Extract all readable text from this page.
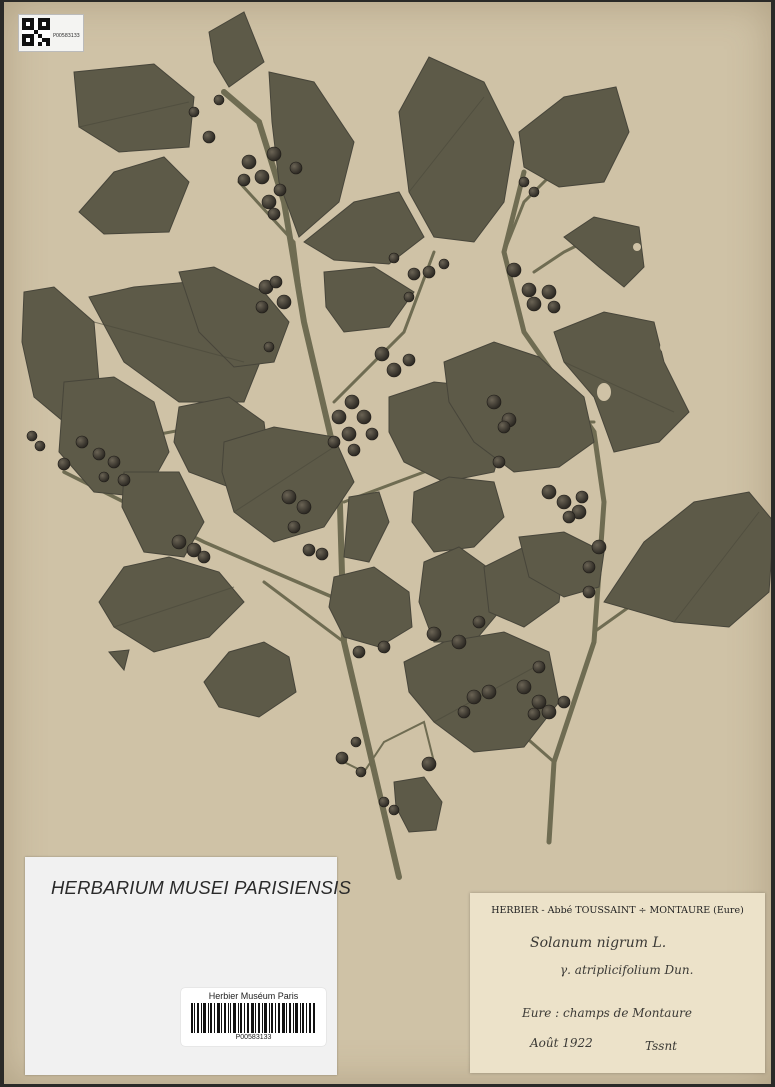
P00583133
HERBARIUM MUSEI PARISIENSIS
Herbier Muséum Paris
P00583133
HERBIER - Abbé TOUSSAINT ÷ MONTAURE (Eure)
Solanum nigrum L.
γ. atriplicifolium Dun.
Eure : champs de Montaure
Août 1922	Tssnt
